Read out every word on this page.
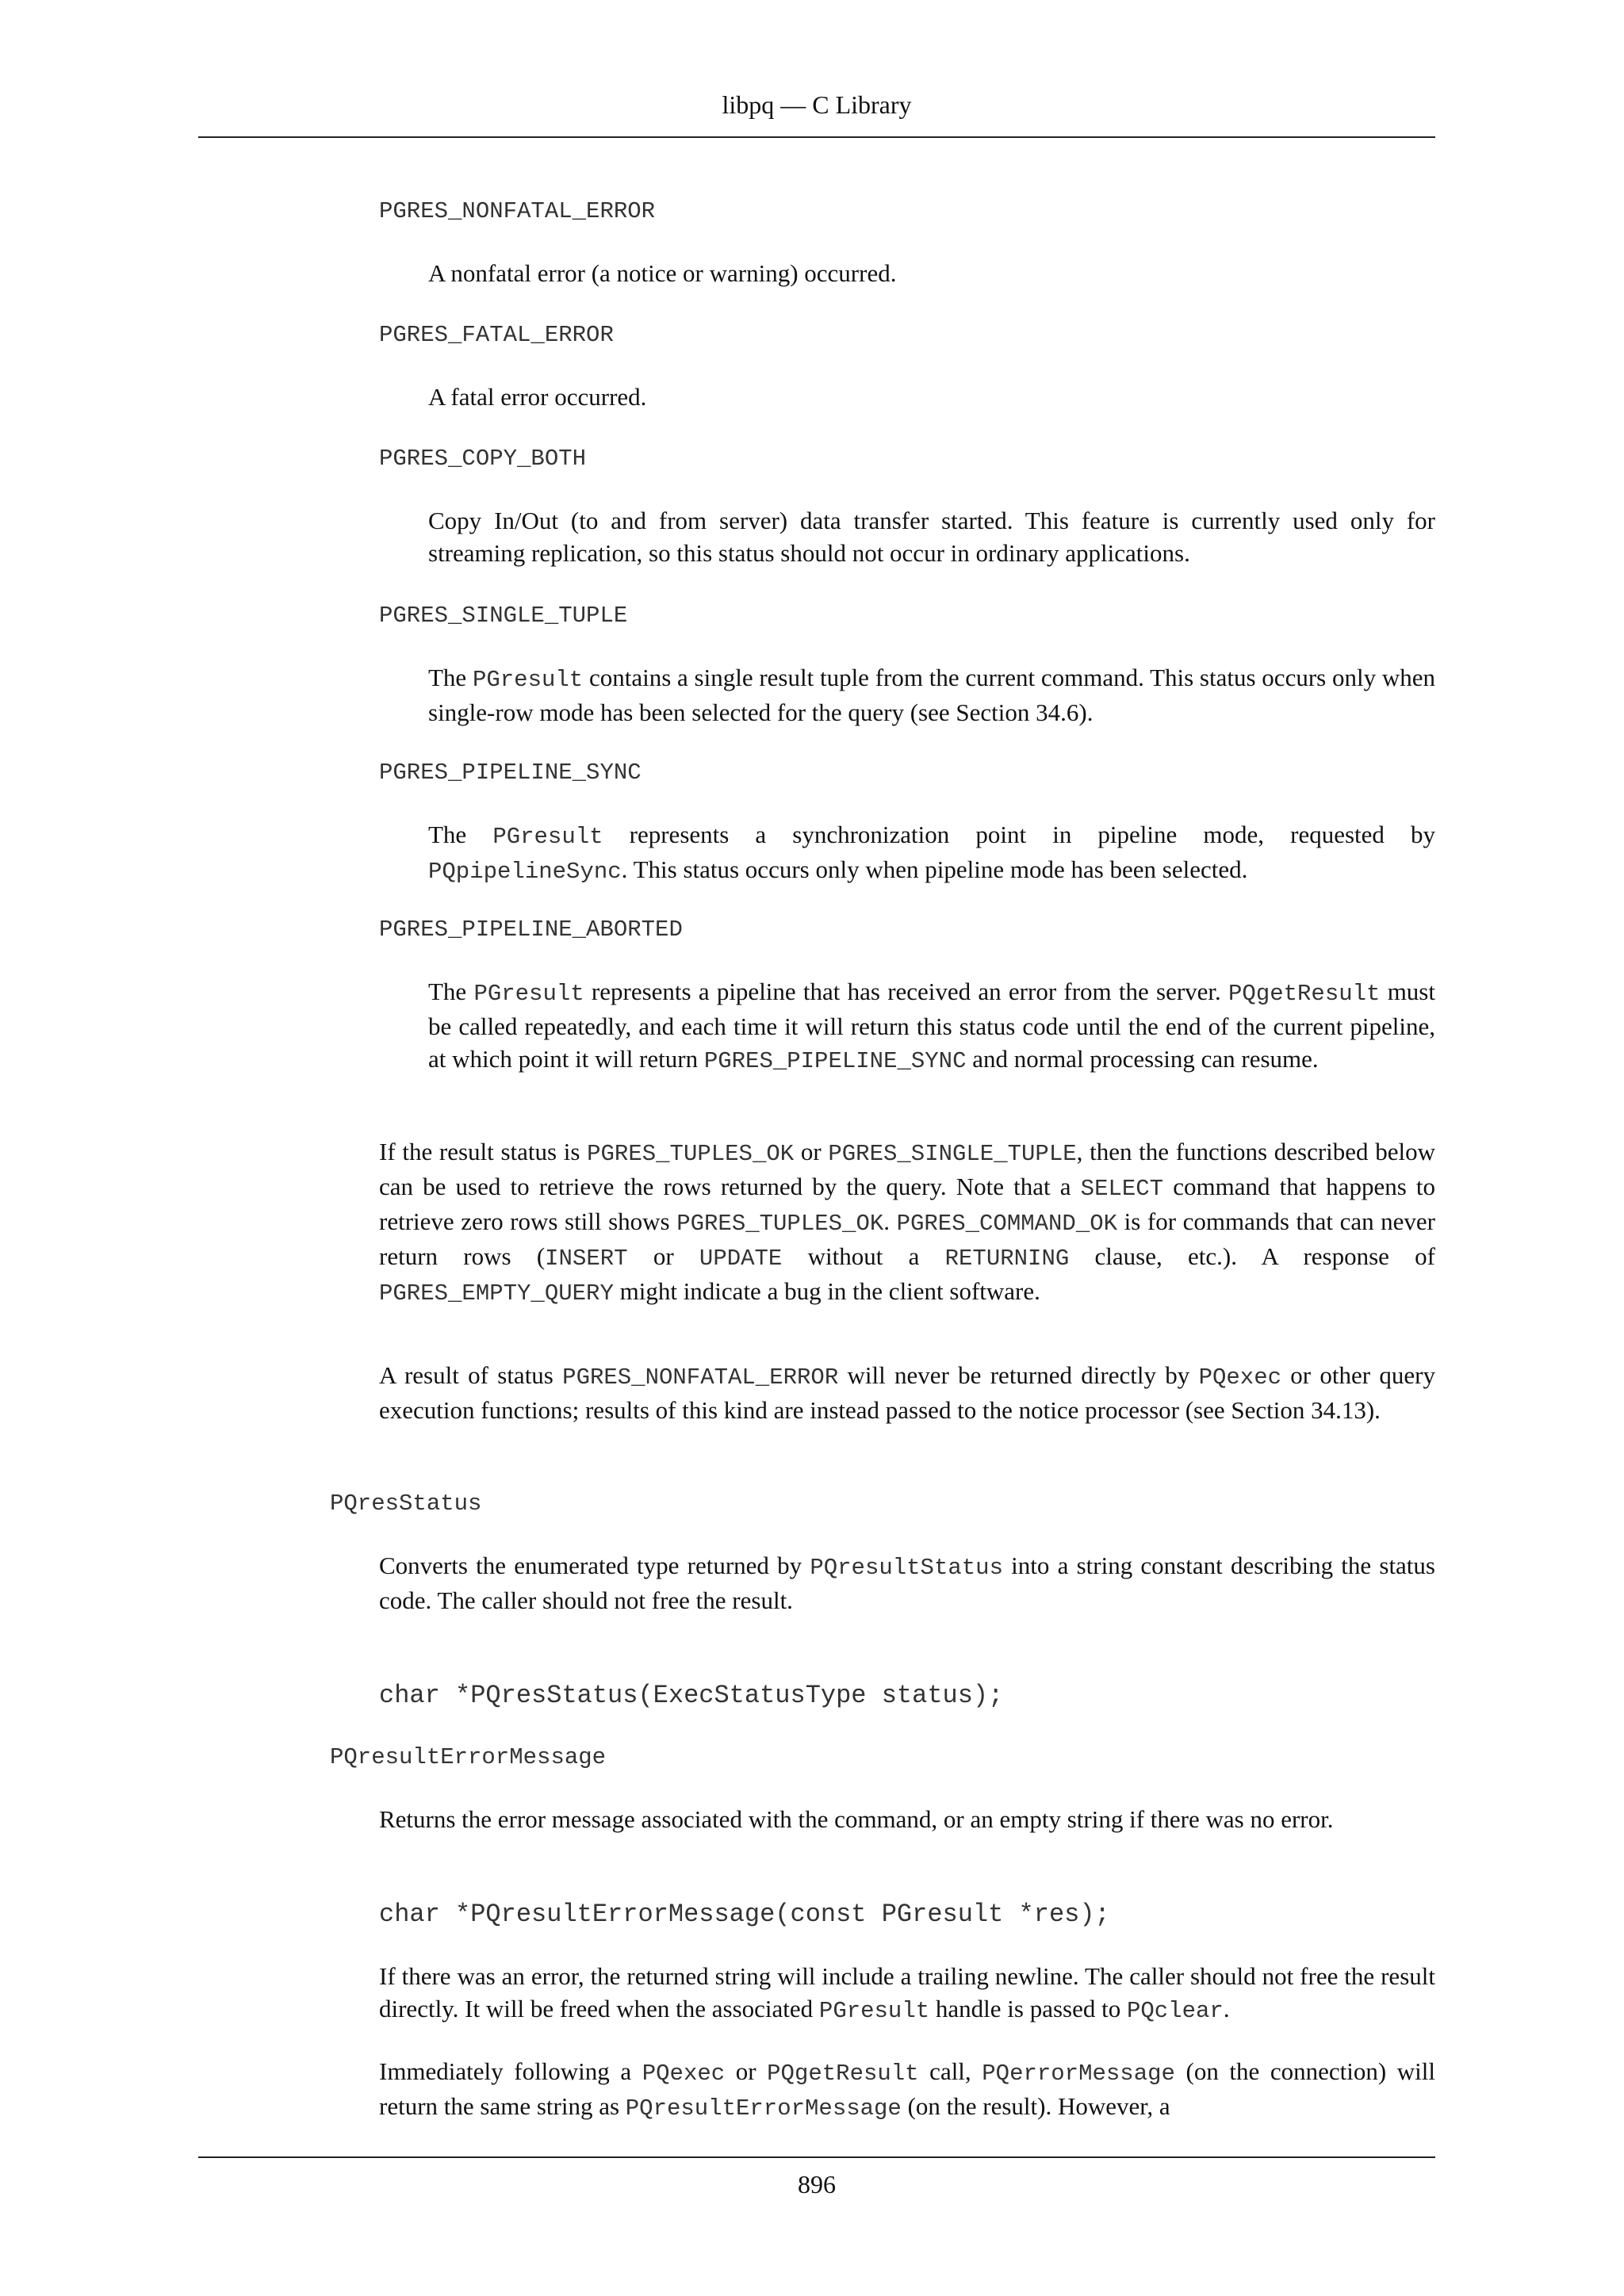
libpq — C Library
PGRES_NONFATAL_ERROR

A nonfatal error (a notice or warning) occurred.

PGRES_FATAL_ERROR

A fatal error occurred.

PGRES_COPY_BOTH

Copy In/Out (to and from server) data transfer started. This feature is currently used only for streaming replication, so this status should not occur in ordinary applications.

PGRES_SINGLE_TUPLE

The PGresult contains a single result tuple from the current command. This status occurs only when single-row mode has been selected for the query (see Section 34.6).

PGRES_PIPELINE_SYNC

The PGresult represents a synchronization point in pipeline mode, requested by PQpipelineSync. This status occurs only when pipeline mode has been selected.

PGRES_PIPELINE_ABORTED

The PGresult represents a pipeline that has received an error from the server. PQgetResult must be called repeatedly, and each time it will return this status code until the end of the current pipeline, at which point it will return PGRES_PIPELINE_SYNC and normal processing can resume.

If the result status is PGRES_TUPLES_OK or PGRES_SINGLE_TUPLE, then the functions described below can be used to retrieve the rows returned by the query. Note that a SELECT command that happens to retrieve zero rows still shows PGRES_TUPLES_OK. PGRES_COMMAND_OK is for commands that can never return rows (INSERT or UPDATE without a RETURNING clause, etc.). A response of PGRES_EMPTY_QUERY might indicate a bug in the client software.

A result of status PGRES_NONFATAL_ERROR will never be returned directly by PQexec or other query execution functions; results of this kind are instead passed to the notice processor (see Section 34.13).

PQresStatus

Converts the enumerated type returned by PQresultStatus into a string constant describing the status code. The caller should not free the result.

char *PQresStatus(ExecStatusType status);
PQresultErrorMessage

Returns the error message associated with the command, or an empty string if there was no error.

char *PQresultErrorMessage(const PGresult *res);

If there was an error, the returned string will include a trailing newline. The caller should not free the result directly. It will be freed when the associated PGresult handle is passed to PQclear.

Immediately following a PQexec or PQgetResult call, PQerrorMessage (on the connection) will return the same string as PQresultErrorMessage (on the result). However, a

896
